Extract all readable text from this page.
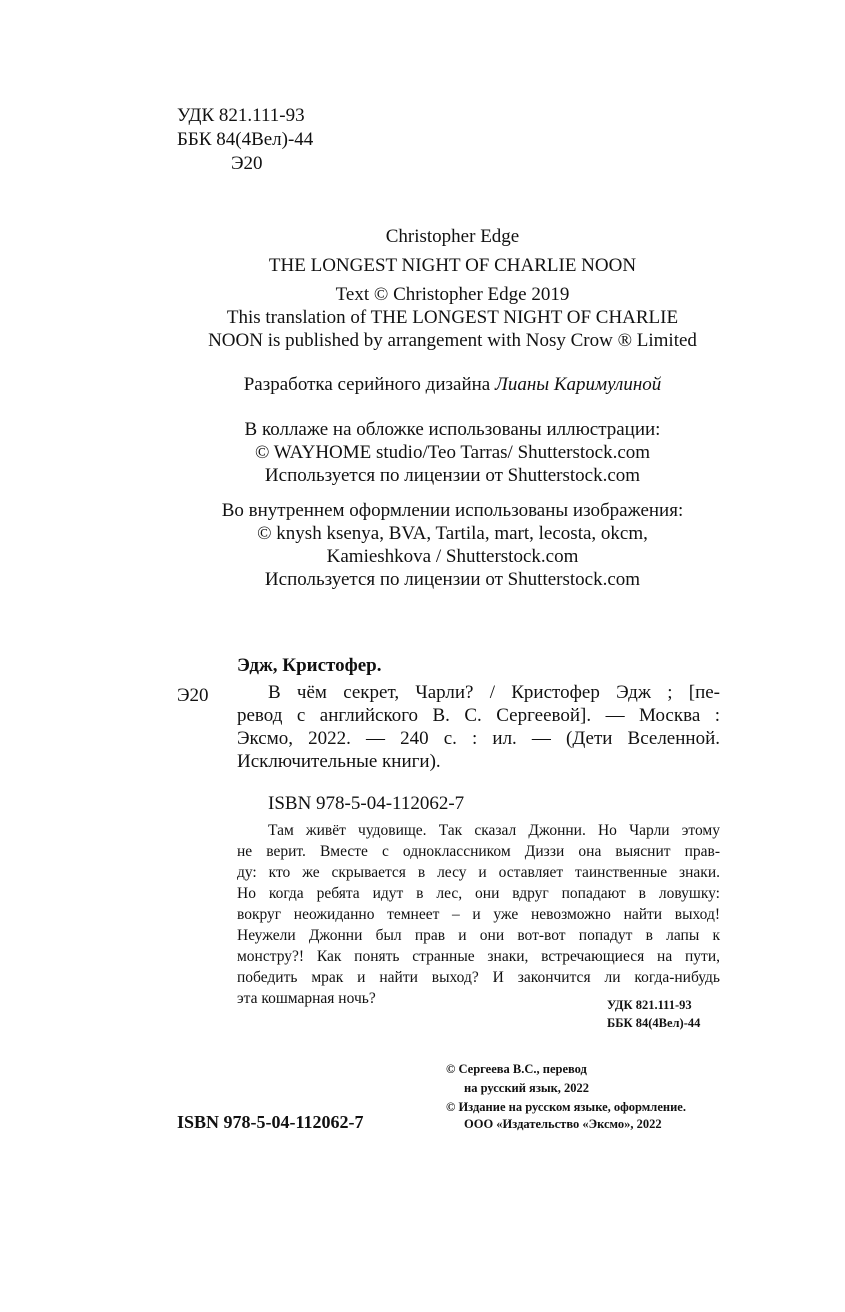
УДК 821.111-93
ББК 84(4Вел)-44
Э20
Christopher Edge
THE LONGEST NIGHT OF CHARLIE NOON
Text © Christopher Edge 2019
This translation of THE LONGEST NIGHT OF CHARLIE
NOON is published by arrangement with Nosy Crow ® Limited
Разработка серийного дизайна Лианы Каримулиной
В коллаже на обложке использованы иллюстрации:
© WAYHOME studio/Teo Tarras/ Shutterstock.com
Используется по лицензии от Shutterstock.com
Во внутреннем оформлении использованы изображения:
© knysh ksenya, BVA, Tartila, mart, lecosta, okcm,
Kamieshkova / Shutterstock.com
Используется по лицензии от Shutterstock.com
Эдж, Кристофер.
Э20	В чём секрет, Чарли? / Кристофер Эдж ; [пе-
ревод с английского В. С. Сергеевой]. — Москва :
Эксмо, 2022. — 240 с. : ил. — (Дети Вселенной.
Исключительные книги).
ISBN 978-5-04-112062-7
Там живёт чудовище. Так сказал Джонни. Но Чарли этому
не верит. Вместе с одноклассником Диззи она выяснит прав-
ду: кто же скрывается в лесу и оставляет таинственные знаки.
Но когда ребята идут в лес, они вдруг попадают в ловушку:
вокруг неожиданно темнеет – и уже невозможно найти выход!
Неужели Джонни был прав и они вот-вот попадут в лапы к
монстру?! Как понять странные знаки, встречающиеся на пути,
победить мрак и найти выход? И закончится ли когда-нибудь
эта кошмарная ночь?	УДК 821.111-93
ББК 84(4Вел)-44
ISBN 978-5-04-112062-7
© Сергеева В.С., перевод
на русский язык, 2022
© Издание на русском языке, оформление.
ООО «Издательство «Эксмо», 2022
